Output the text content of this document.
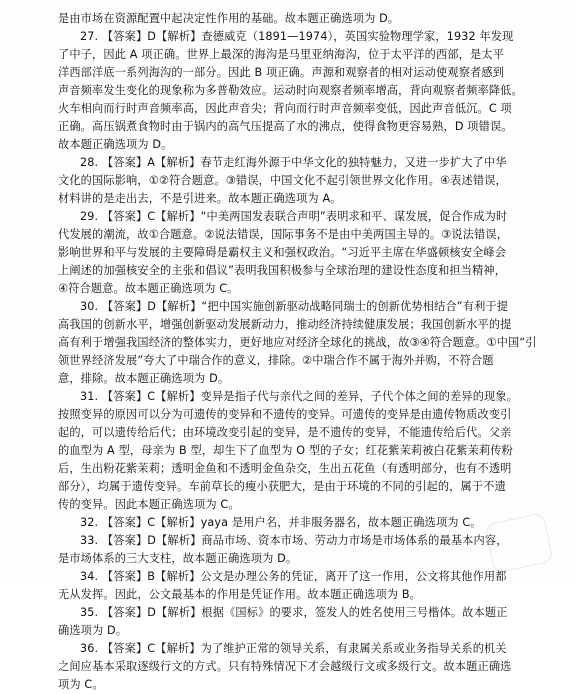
是由市场在资源配置中起决定性作用的基础。故本题正确选项为 D。
27. 【答案】D【解析】查德威克（1891—1974），英国实验物理学家，1932 年发现
了中子，因此 A 项正确。世界上最深的海沟是马里亚纳海沟，位于太平洋的西部，是太平
洋西部洋底一系列海沟的一部分。因此 B 项正确。声源和观察者的相对运动使观察者感到
声音频率发生变化的现象称为多普勒效应。运动时向观察者频率增高，背向观察者频率降低。
火车相向而行时声音频率高，因此声音尖；背向而行时声音频率变低，因此声音低沉。C 项
正确。高压锅煮食物时由于锅内的高气压提高了水的沸点，使得食物更容易熟，D 项错误。
故本题正确选项为 D。
28. 【答案】A【解析】春节走红海外源于中华文化的独特魅力，又进一步扩大了中华
文化的国际影响，①②符合题意。③错误，中国文化不起引领世界文化作用。④表述错误，
材料讲的是走出去，不是引进来。故本题正确选项为 A。
29. 【答案】C【解析】“中美两国发表联合声明”表明求和平、谋发展，促合作成为时
代发展的潮流，故①合题意。②说法错误，国际事务不是由中美两国主导的。③说法错误，
影响世界和平与发展的主要障碍是霸权主义和强权政治。“习近平主席在华盛顿核安全峰会
上阐述的加强核安全的主张和倡议”表明我国积极参与全球治理的建设性态度和担当精神，
④符合题意。故本题正确选项为 C。
30. 【答案】D【解析】“把中国实施创新驱动战略同瑞士的创新优势相结合”有利于提
高我国的创新水平，增强创新驱动发展新动力，推动经济持续健康发展；我国创新水平的提
高有利于增强我国经济的整体实力，更好地应对经济全球化的挑战，故③④符合题意。①中国“引
领世界经济发展”夸大了中瑞合作的意义，排除。②中瑞合作不属于海外并购，不符合题
意，排除。故本题正确选项为 D。
31. 【答案】C【解析】变异是指子代与亲代之间的差异，子代个体之间的差异的现象。
按照变异的原因可以分为可遗传的变异和不遗传的变异。可遗传的变异是由遗传物质改变引
起的，可以遗传给后代；由环境改变引起的变异，是不遗传的变异，不能遗传给后代。父亲
的血型为 A 型，母亲为 B 型，却生下了血型为 O 型的子女；红花紫茉莉被白花紫茉莉传粉
后，生出粉花紫茉莉；透明金鱼和不透明金鱼杂交，生出五花鱼（有透明部分，也有不透明
部分），均属于遗传变异。车前草长的瘦小获肥大，是由于环境的不同的引起的，属于不遗
传的变异。因此本题正确选项为 C。
32. 【答案】C【解析】yaya 是用户名，并非服务器名，故本题正确选项为 C。
33. 【答案】D【解析】商品市场、资本市场、劳动力市场是市场体系的最基本内容，
是市场体系的三大支柱，故本题正确选项为 D。
34. 【答案】B【解析】公文是办理公务的凭证，离开了这一作用，公文将其他作用都
无从发挥。因此，公文最基本的作用是凭证作用。故本题正确选项为 B。
35. 【答案】D【解析】根据《国标》的要求，签发人的姓名使用三号楷体。故本题正
确选项为 D。
36. 【答案】C【解析】为了维护正常的领导关系，有隶属关系或业务指导关系的机关
之间应基本采取逐级行文的方式。只有特殊情况下才会越级行文或多级行文。故本题正确选
项为 C。
